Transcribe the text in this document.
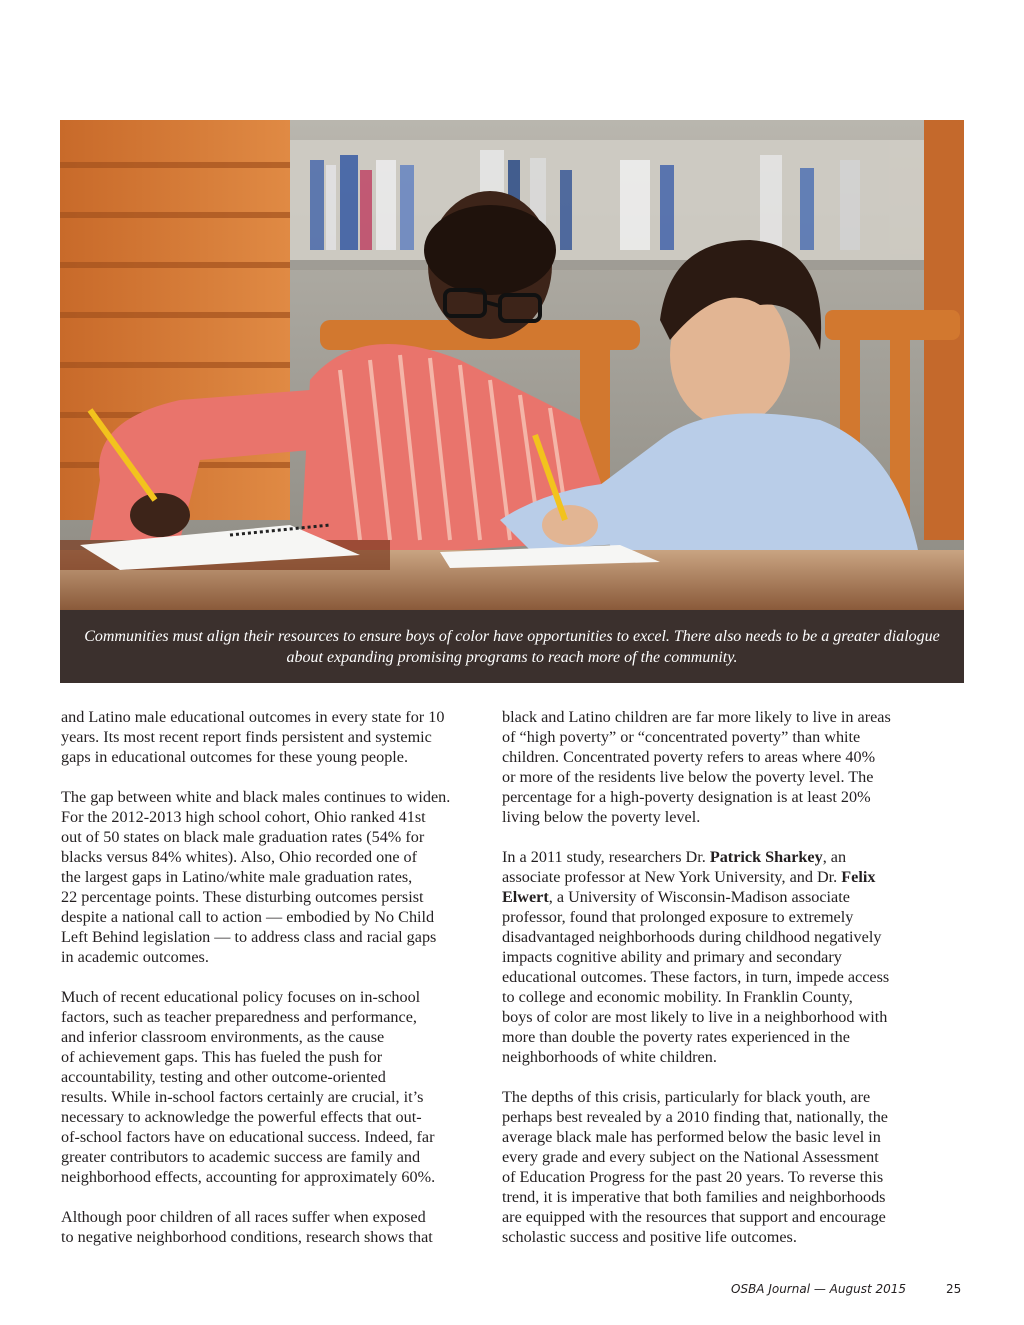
Communities must align their resources to ensure boys of color have opportunities to excel. There also needs to be a greater dialogue about expanding promising programs to reach more of the community.

and Latino male educational outcomes in every state for 10
years. Its most recent report finds persistent and systemic
gaps in educational outcomes for these young people.

The gap between white and black males continues to widen.
For the 2012-2013 high school cohort, Ohio ranked 41st
out of 50 states on black male graduation rates (54% for
blacks versus 84% whites). Also, Ohio recorded one of
the largest gaps in Latino/white male graduation rates,
22 percentage points. These disturbing outcomes persist
despite a national call to action — embodied by No Child
Left Behind legislation — to address class and racial gaps
in academic outcomes.

Much of recent educational policy focuses on in-school
factors, such as teacher preparedness and performance,
and inferior classroom environments, as the cause
of achievement gaps. This has fueled the push for
accountability, testing and other outcome-oriented
results. While in-school factors certainly are crucial, it’s
necessary to acknowledge the powerful effects that out-
of-school factors have on educational success. Indeed, far
greater contributors to academic success are family and
neighborhood effects, accounting for approximately 60%.

Although poor children of all races suffer when exposed
to negative neighborhood conditions, research shows that

black and Latino children are far more likely to live in areas
of “high poverty” or “concentrated poverty” than white
children. Concentrated poverty refers to areas where 40%
or more of the residents live below the poverty level. The
percentage for a high-poverty designation is at least 20%
living below the poverty level.

In a 2011 study, researchers Dr. Patrick Sharkey, an
associate professor at New York University, and Dr. Felix
Elwert, a University of Wisconsin-Madison associate
professor, found that prolonged exposure to extremely
disadvantaged neighborhoods during childhood negatively
impacts cognitive ability and primary and secondary
educational outcomes. These factors, in turn, impede access
to college and economic mobility. In Franklin County,
boys of color are most likely to live in a neighborhood with
more than double the poverty rates experienced in the
neighborhoods of white children.

The depths of this crisis, particularly for black youth, are
perhaps best revealed by a 2010 finding that, nationally, the
average black male has performed below the basic level in
every grade and every subject on the National Assessment
of Education Progress for the past 20 years. To reverse this
trend, it is imperative that both families and neighborhoods
are equipped with the resources that support and encourage
scholastic success and positive life outcomes.

OSBA Journal — August 2015	25
